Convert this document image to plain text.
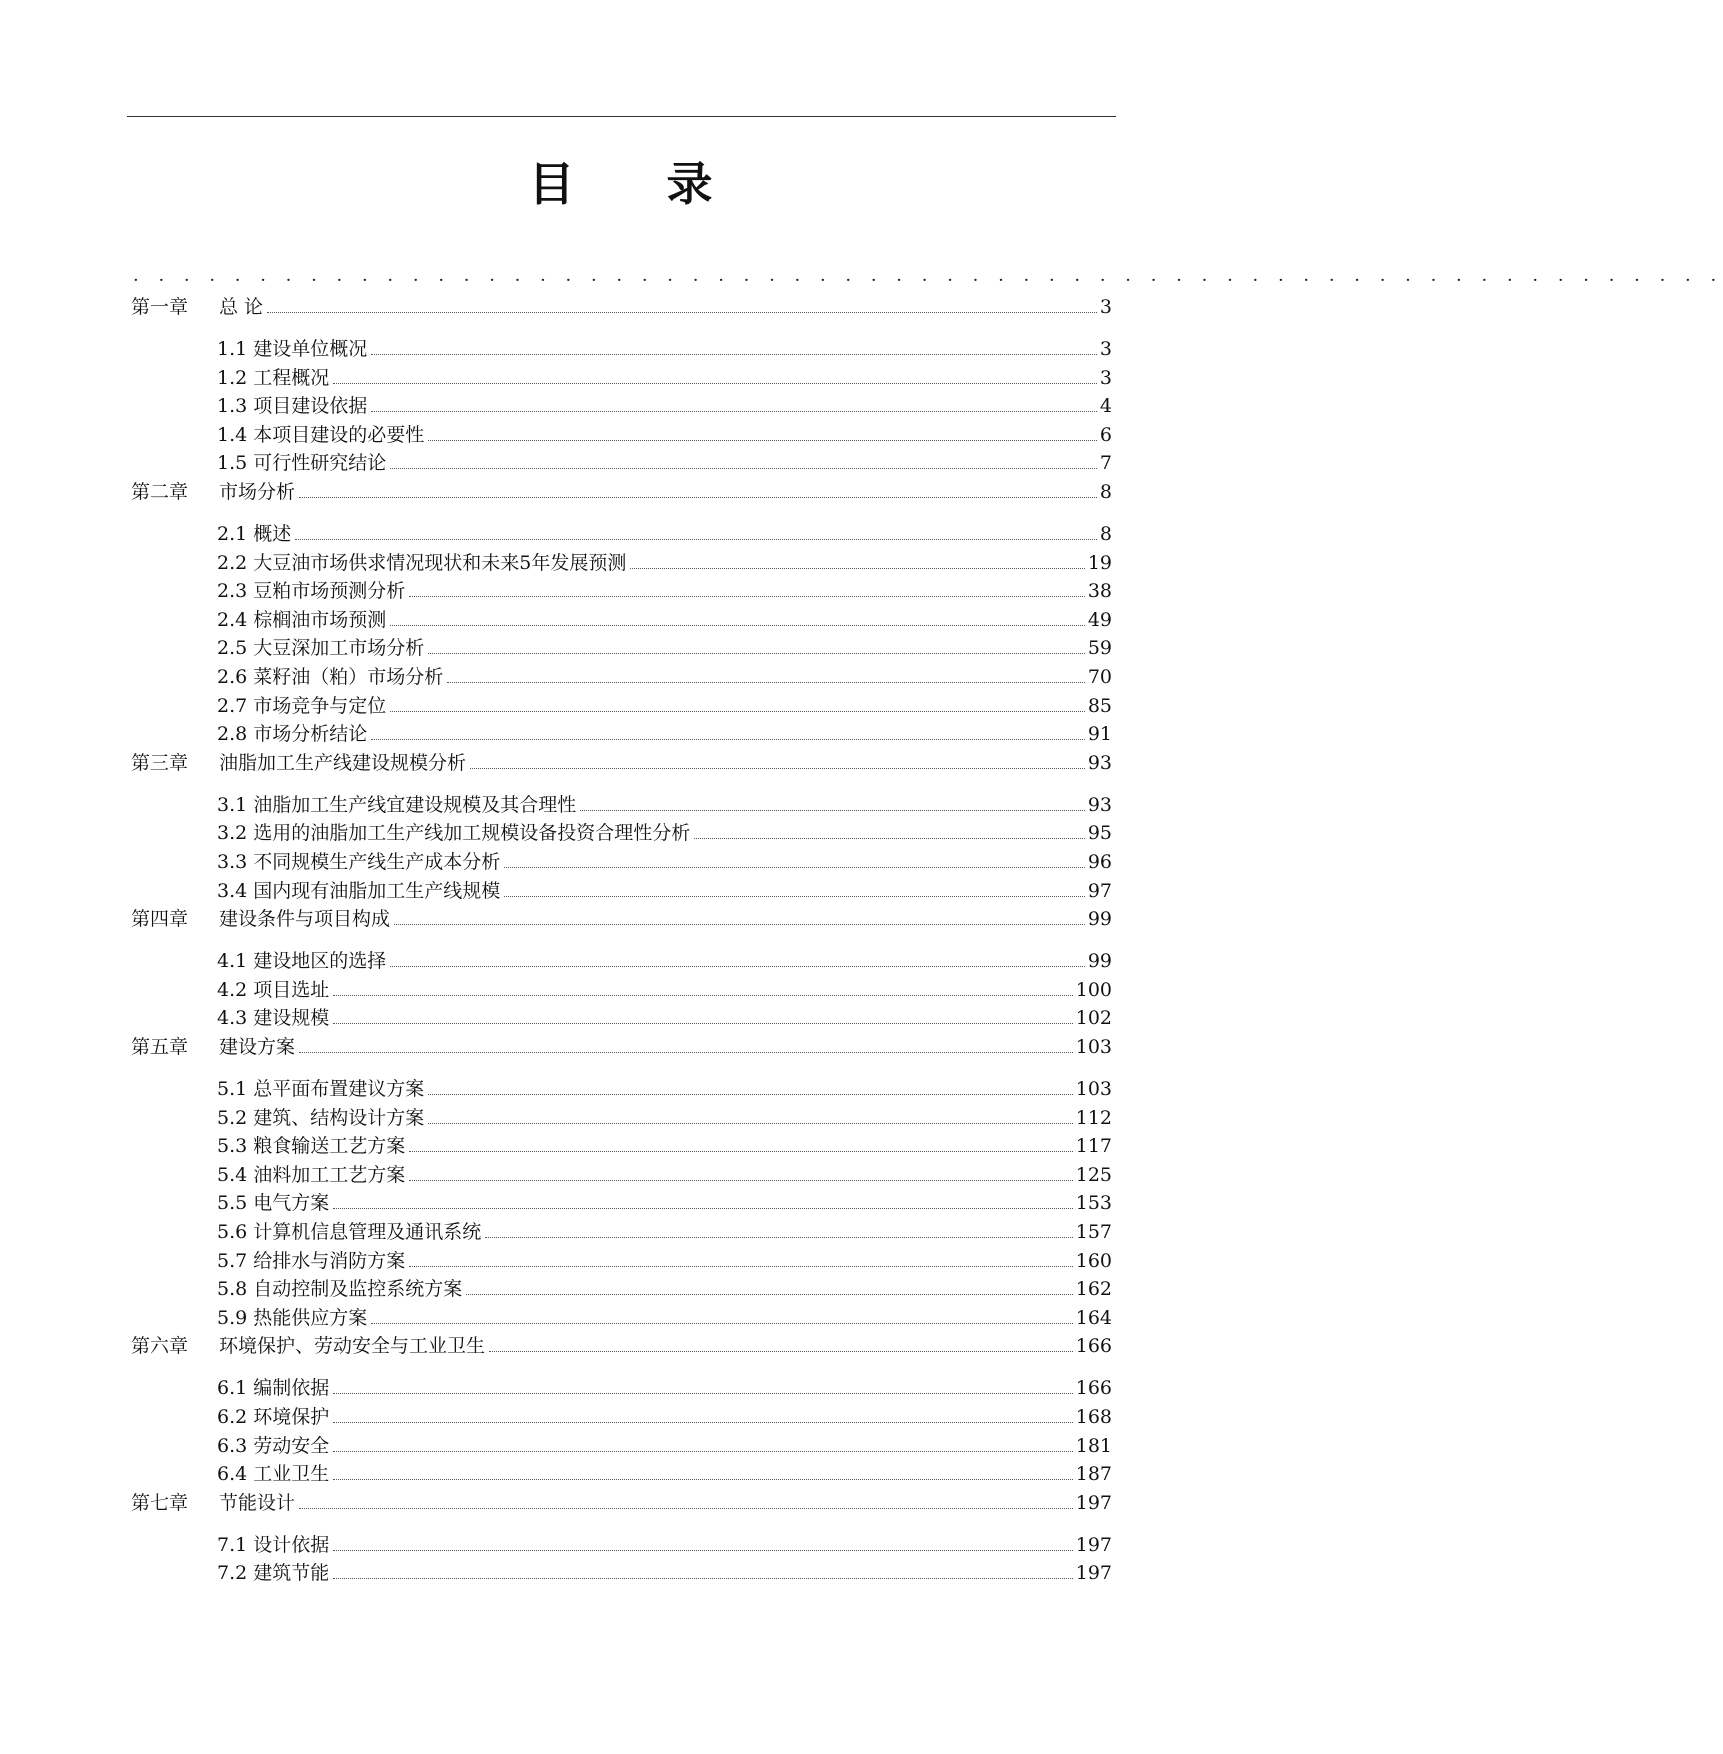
目 录
· · · · · · · · · · · · · · · · · · · · · · · · · · · · · · · · · · · · · · · · · · · · · · · · · · · · · · · · · · · · · · ·
第一章	总 论	3
1.1 建设单位概况	3
1.2 工程概况	3
1.3 项目建设依据	4
1.4 本项目建设的必要性	6
1.5 可行性研究结论	7
第二章	市场分析	8
2.1 概述	8
2.2 大豆油市场供求情况现状和未来5年发展预测	19
2.3 豆粕市场预测分析	38
2.4 棕榈油市场预测	49
2.5 大豆深加工市场分析	59
2.6 菜籽油（粕）市场分析	70
2.7 市场竞争与定位	85
2.8 市场分析结论	91
第三章	油脂加工生产线建设规模分析	93
3.1 油脂加工生产线宜建设规模及其合理性	93
3.2 选用的油脂加工生产线加工规模设备投资合理性分析	95
3.3 不同规模生产线生产成本分析	96
3.4 国内现有油脂加工生产线规模	97
第四章	建设条件与项目构成	99
4.1 建设地区的选择	99
4.2 项目选址	100
4.3 建设规模	102
第五章	建设方案	103
5.1 总平面布置建议方案	103
5.2 建筑、结构设计方案	112
5.3 粮食输送工艺方案	117
5.4 油料加工工艺方案	125
5.5 电气方案	153
5.6 计算机信息管理及通讯系统	157
5.7 给排水与消防方案	160
5.8 自动控制及监控系统方案	162
5.9 热能供应方案	164
第六章	环境保护、劳动安全与工业卫生	166
6.1 编制依据	166
6.2 环境保护	168
6.3 劳动安全	181
6.4 工业卫生	187
第七章	节能设计	197
7.1 设计依据	197
7.2 建筑节能	197
